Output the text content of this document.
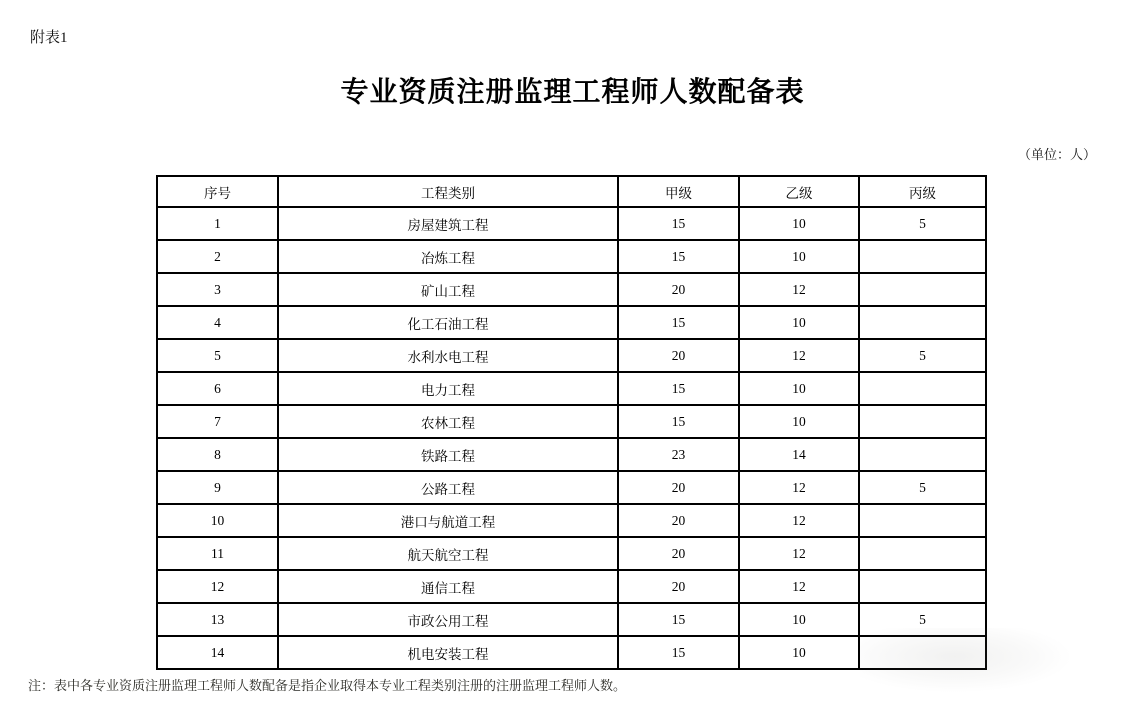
附表1
专业资质注册监理工程师人数配备表
（单位：人）
序号	工程类别	甲级	乙级	丙级
1	房屋建筑工程	15	10	5
2	冶炼工程	15	10	
3	矿山工程	20	12	
4	化工石油工程	15	10	
5	水利水电工程	20	12	5
6	电力工程	15	10	
7	农林工程	15	10	
8	铁路工程	23	14	
9	公路工程	20	12	5
10	港口与航道工程	20	12	
11	航天航空工程	20	12	
12	通信工程	20	12	
13	市政公用工程	15	10	5
14	机电安装工程	15	10	
注：表中各专业资质注册监理工程师人数配备是指企业取得本专业工程类别注册的注册监理工程师人数。
